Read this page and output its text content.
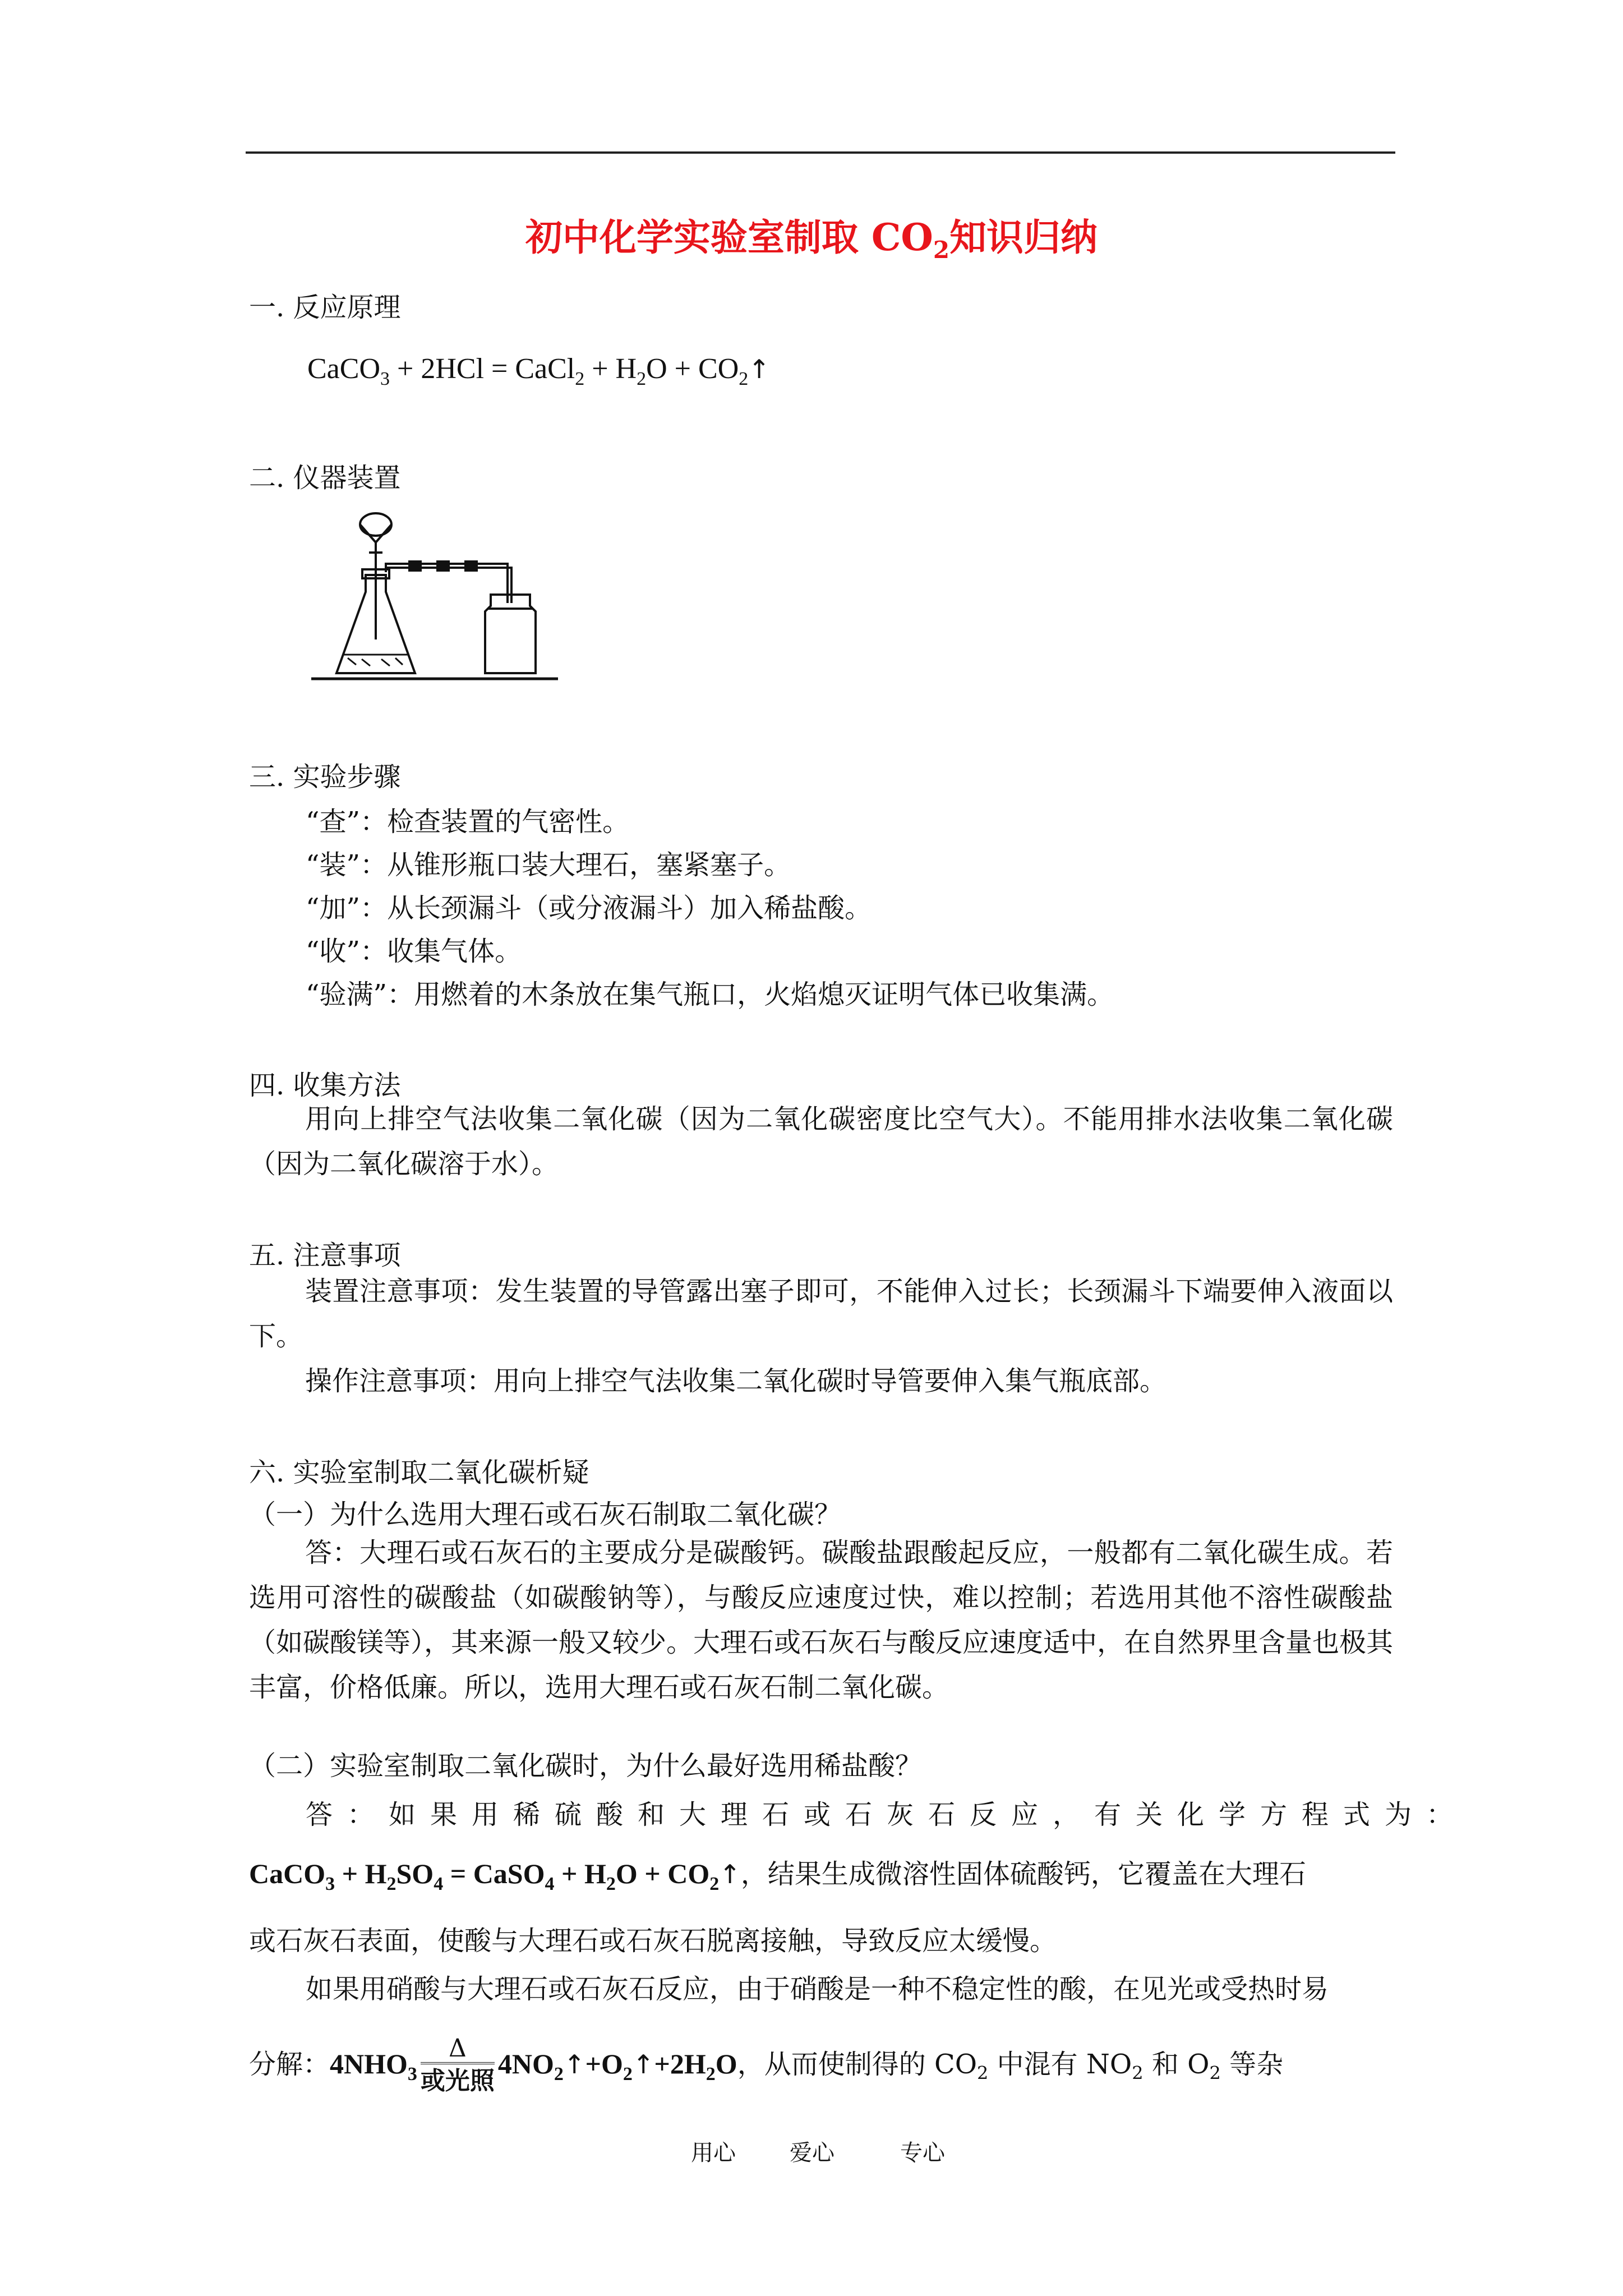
初中化学实验室制取 $CO_2$知识归纳
一. 反应原理
CaCO$_3$ + 2HCl = CaCl$_2$ + $H_2O$ + $CO_2↑$
二. 仪器装置
三. 实验步骤
“查”：检查装置的气密性。
“装”：从锥形瓶口装大理石，塞紧塞子。
“加”：从长颈漏斗（或分液漏斗）加入稀盐酸。
“收”：收集气体。
“验满”：用燃着的木条放在集气瓶口，火焰熄灭证明气体已收集满。
四. 收集方法

用向上排空气法收集二氧化碳（因为二氧化碳密度比空气大）。不能用排水法收集二氧化碳（因为二氧化碳溶于水）。

五. 注意事项

装置注意事项：发生装置的导管露出塞子即可，不能伸入过长；长颈漏斗下端要伸入液面以下。

操作注意事项：用向上排空气法收集二氧化碳时导管要伸入集气瓶底部。

六. 实验室制取二氧化碳析疑
（一）为什么选用大理石或石灰石制取二氧化碳？

答：大理石或石灰石的主要成分是碳酸钙。碳酸盐跟酸起反应，一般都有二氧化碳生成。若选用可溶性的碳酸盐（如碳酸钠等），与酸反应速度过快，难以控制；若选用其他不溶性碳酸盐（如碳酸镁等），其来源一般又较少。大理石或石灰石与酸反应速度适中，在自然界里含量也极其丰富，价格低廉。所以，选用大理石或石灰石制二氧化碳。

（二）实验室制取二氧化碳时，为什么最好选用稀盐酸？
答：如果用稀硫酸和大理石或石灰石反应，有关化学方程式为：
CaCO$_3$ + $H_2SO_4$ = CaSO$_4$ + $H_2O$ + $CO_2↑$，结果生成微溶性固体硫酸钙，它覆盖在大理石
或石灰石表面，使酸与大理石或石灰石脱离接触，导致反应太缓慢。
如果用硝酸与大理石或石灰石反应，由于硝酸是一种不稳定性的酸，在见光或受热时易
分解：$4NHO_3 \frac{\Delta}{\text{或光照}}$ $4NO_2↑+O_2↑+2H_2O$，从而使制得的 $CO_2$ 中混有 $NO_2$ 和 $O_2$ 等杂
用心 爱心	专心
